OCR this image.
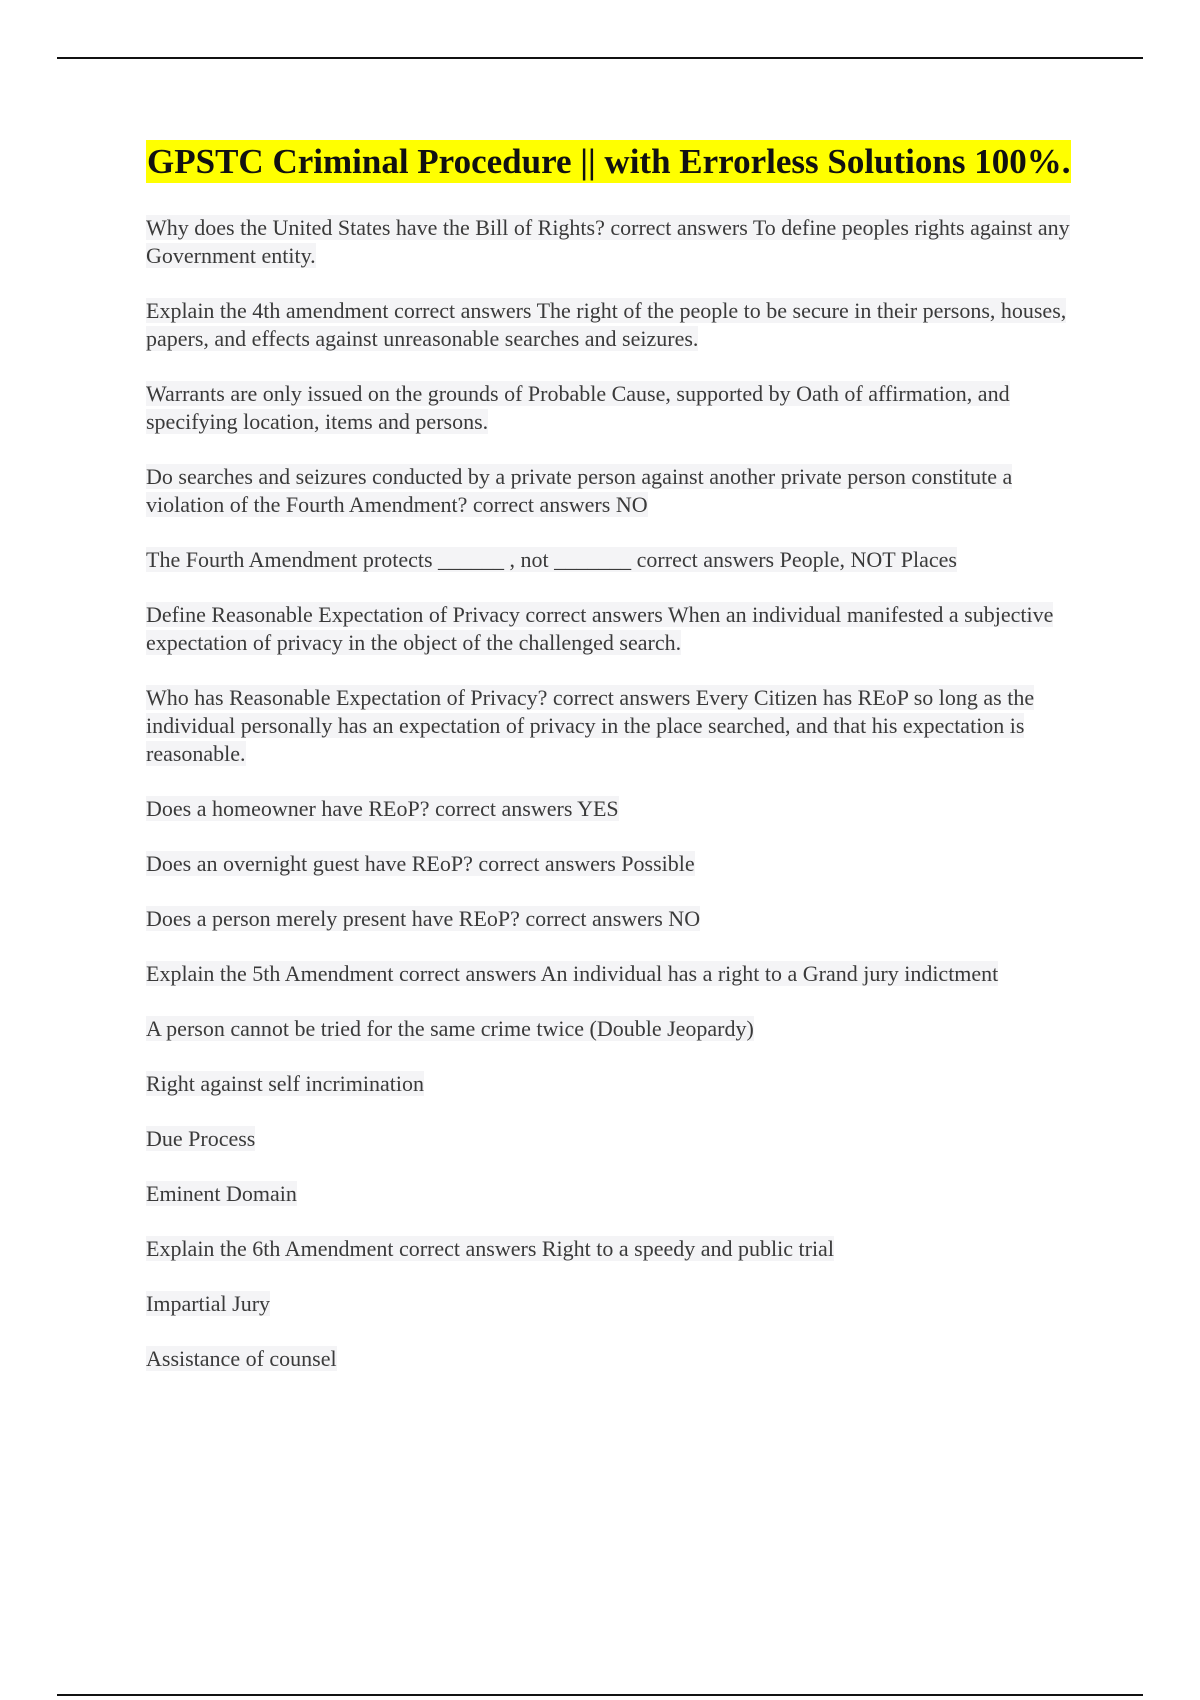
GPSTC Criminal Procedure || with Errorless Solutions 100%.

Why does the United States have the Bill of Rights? correct answers To define peoples rights against any Government entity.

Explain the 4th amendment correct answers The right of the people to be secure in their persons, houses, papers, and effects against unreasonable searches and seizures.

Warrants are only issued on the grounds of Probable Cause, supported by Oath of affirmation, and specifying location, items and persons.

Do searches and seizures conducted by a private person against another private person constitute a violation of the Fourth Amendment? correct answers NO

The Fourth Amendment protects ______ , not _______ correct answers People, NOT Places

Define Reasonable Expectation of Privacy correct answers When an individual manifested a subjective expectation of privacy in the object of the challenged search.

Who has Reasonable Expectation of Privacy? correct answers Every Citizen has REoP so long as the individual personally has an expectation of privacy in the place searched, and that his expectation is reasonable.

Does a homeowner have REoP? correct answers YES

Does an overnight guest have REoP? correct answers Possible

Does a person merely present have REoP? correct answers NO

Explain the 5th Amendment correct answers An individual has a right to a Grand jury indictment

A person cannot be tried for the same crime twice (Double Jeopardy)

Right against self incrimination

Due Process

Eminent Domain

Explain the 6th Amendment correct answers Right to a speedy and public trial

Impartial Jury

Assistance of counsel
